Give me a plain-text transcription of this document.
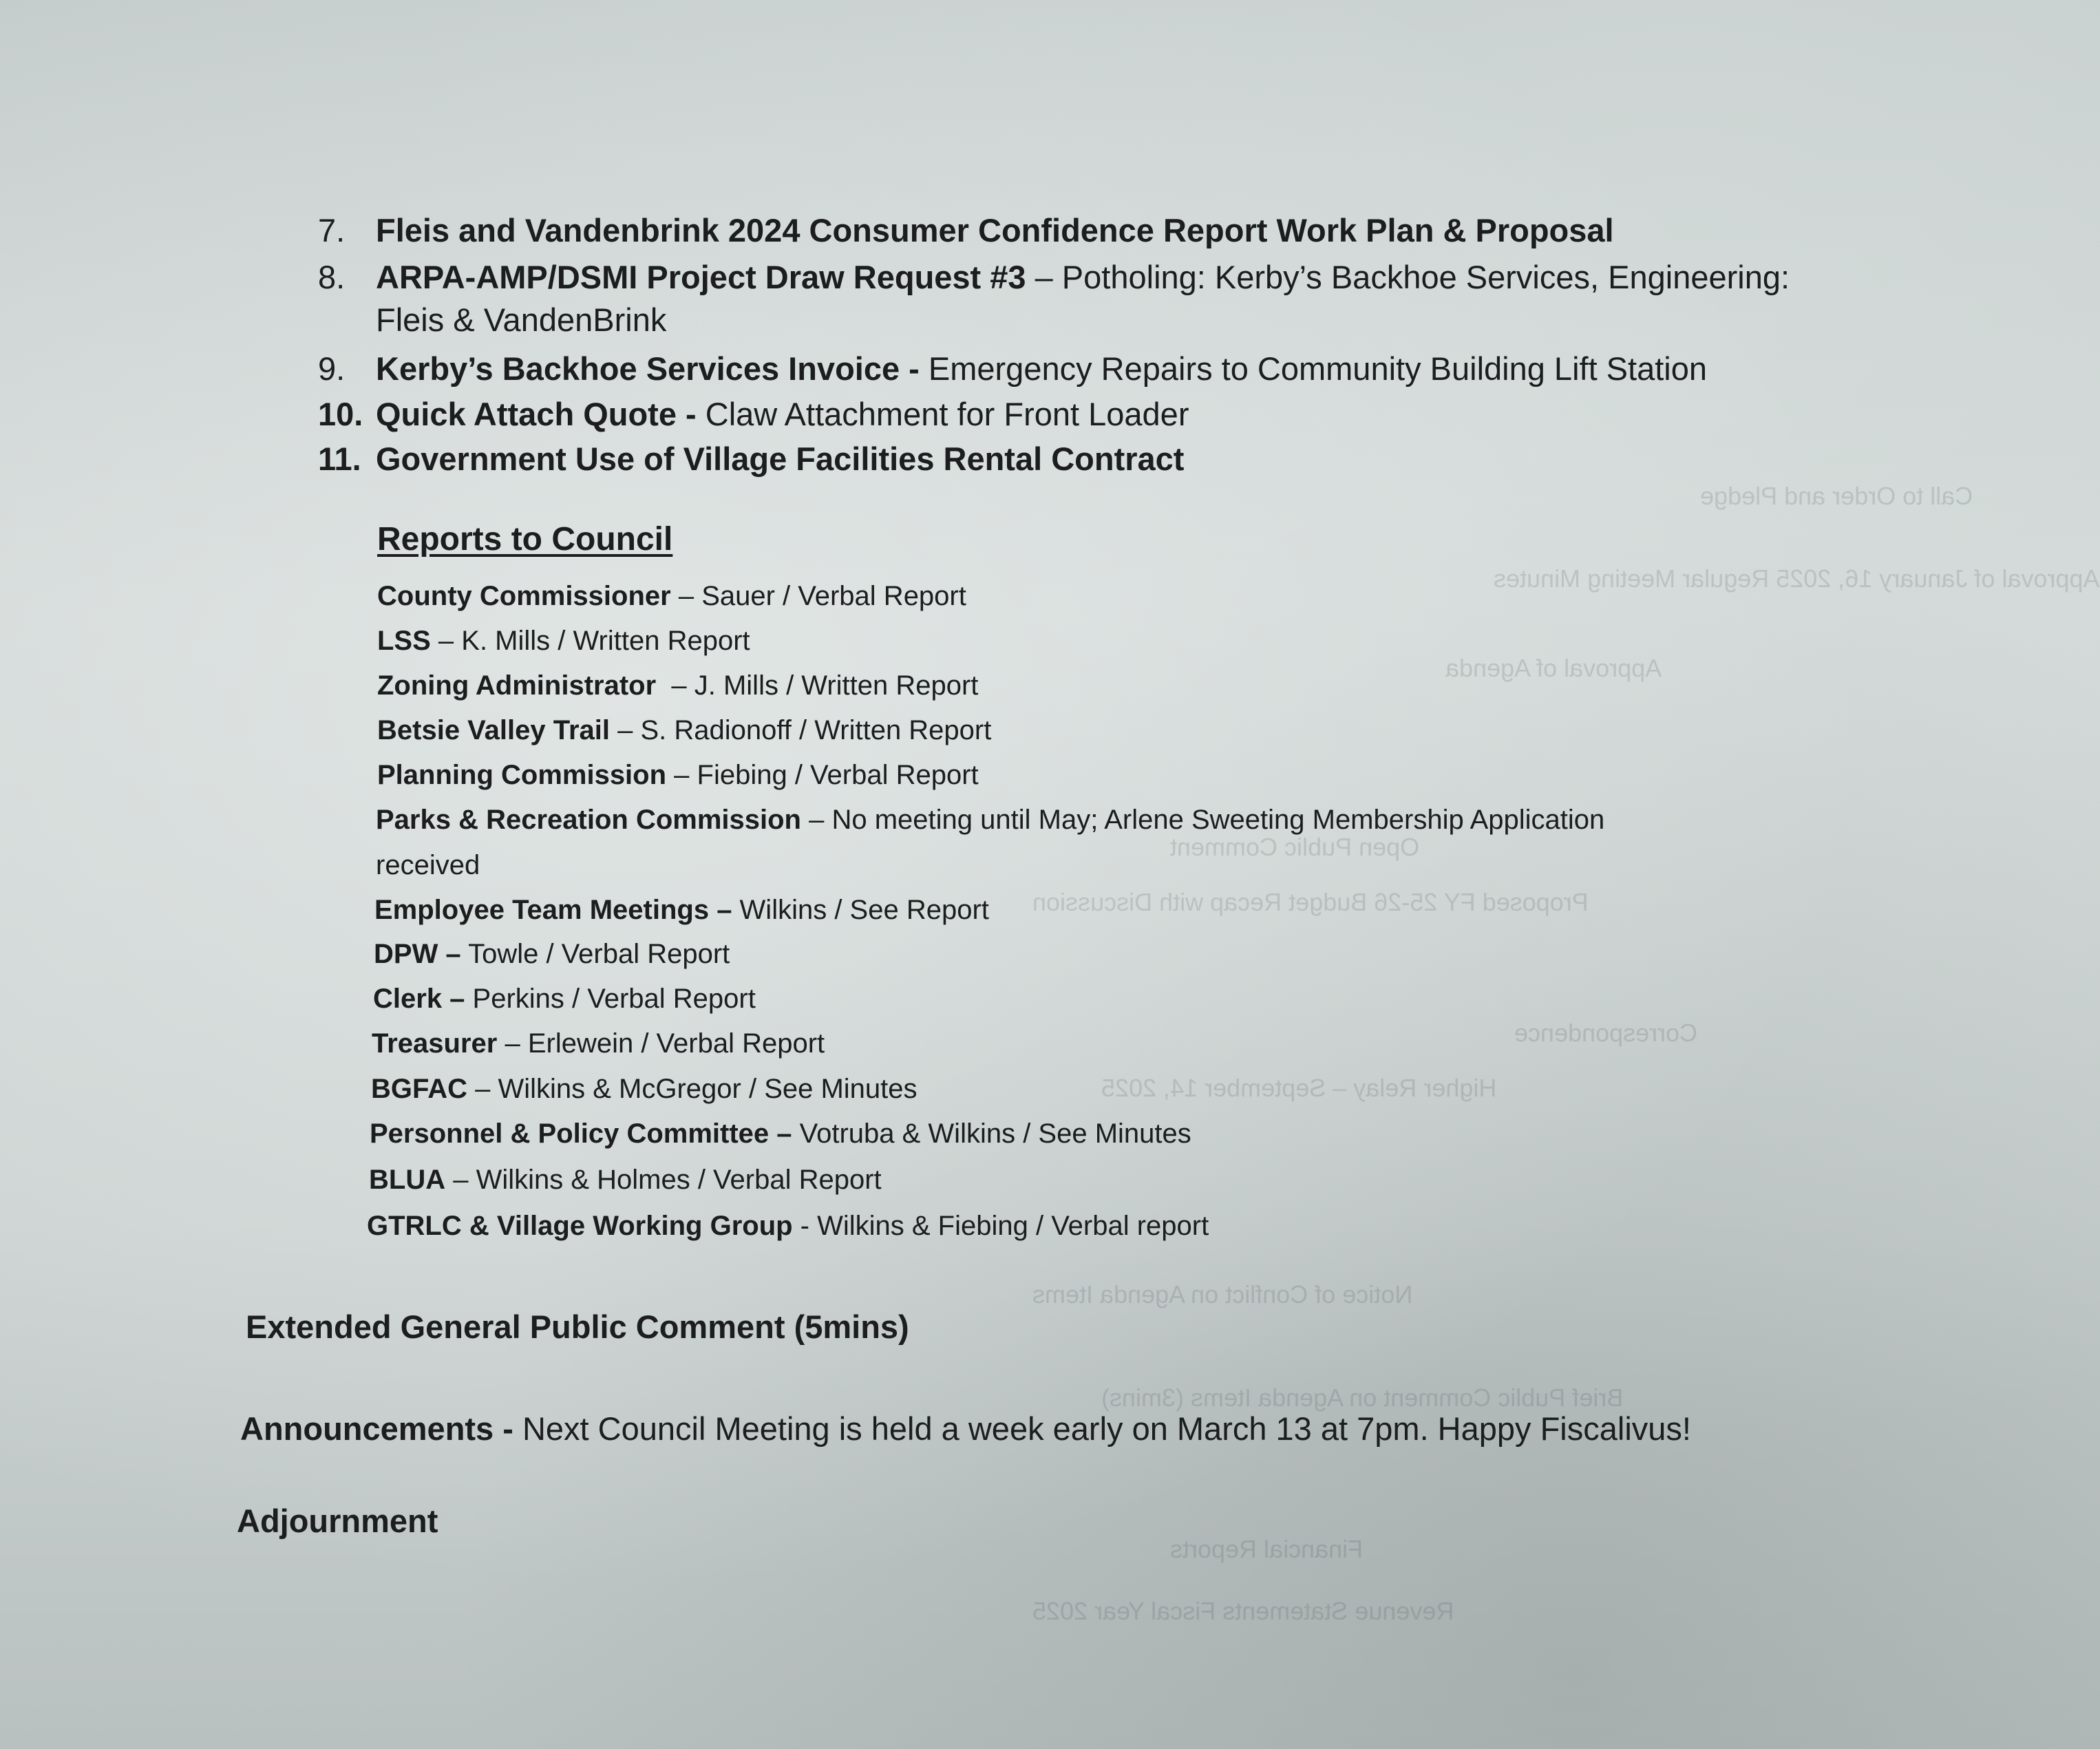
Call to Order and Pledge
Approval of January 16, 2025 Regular Meeting Minutes
Approval of Agenda
Open Public Comment
Proposed FY 25-26 Budget Recap with Discussion
Correspondence
Higher Relay – September 14, 2025
Notice of Conflict on Agenda Items
Brief Public Comment on Agenda Items (3mins)
Financial Reports
Revenue Statements Fiscal Year 2025
7. Fleis and Vandenbrink 2024 Consumer Confidence Report Work Plan & Proposal
8. ARPA-AMP/DSMI Project Draw Request #3 – Potholing: Kerby’s Backhoe Services, Engineering: Fleis & VandenBrink
9. Kerby’s Backhoe Services Invoice - Emergency Repairs to Community Building Lift Station
10. Quick Attach Quote - Claw Attachment for Front Loader
11. Government Use of Village Facilities Rental Contract
Reports to Council
County Commissioner – Sauer / Verbal Report
LSS – K. Mills / Written Report
Zoning Administrator  – J. Mills / Written Report
Betsie Valley Trail – S. Radionoff / Written Report
Planning Commission – Fiebing / Verbal Report
Parks & Recreation Commission – No meeting until May; Arlene Sweeting Membership Application received
Employee Team Meetings – Wilkins / See Report
DPW – Towle / Verbal Report
Clerk – Perkins / Verbal Report
Treasurer – Erlewein / Verbal Report
BGFAC – Wilkins & McGregor / See Minutes
Personnel & Policy Committee – Votruba & Wilkins / See Minutes
BLUA – Wilkins & Holmes / Verbal Report
GTRLC & Village Working Group - Wilkins & Fiebing / Verbal report
Extended General Public Comment (5mins)
Announcements - Next Council Meeting is held a week early on March 13 at 7pm. Happy Fiscalivus!
Adjournment
